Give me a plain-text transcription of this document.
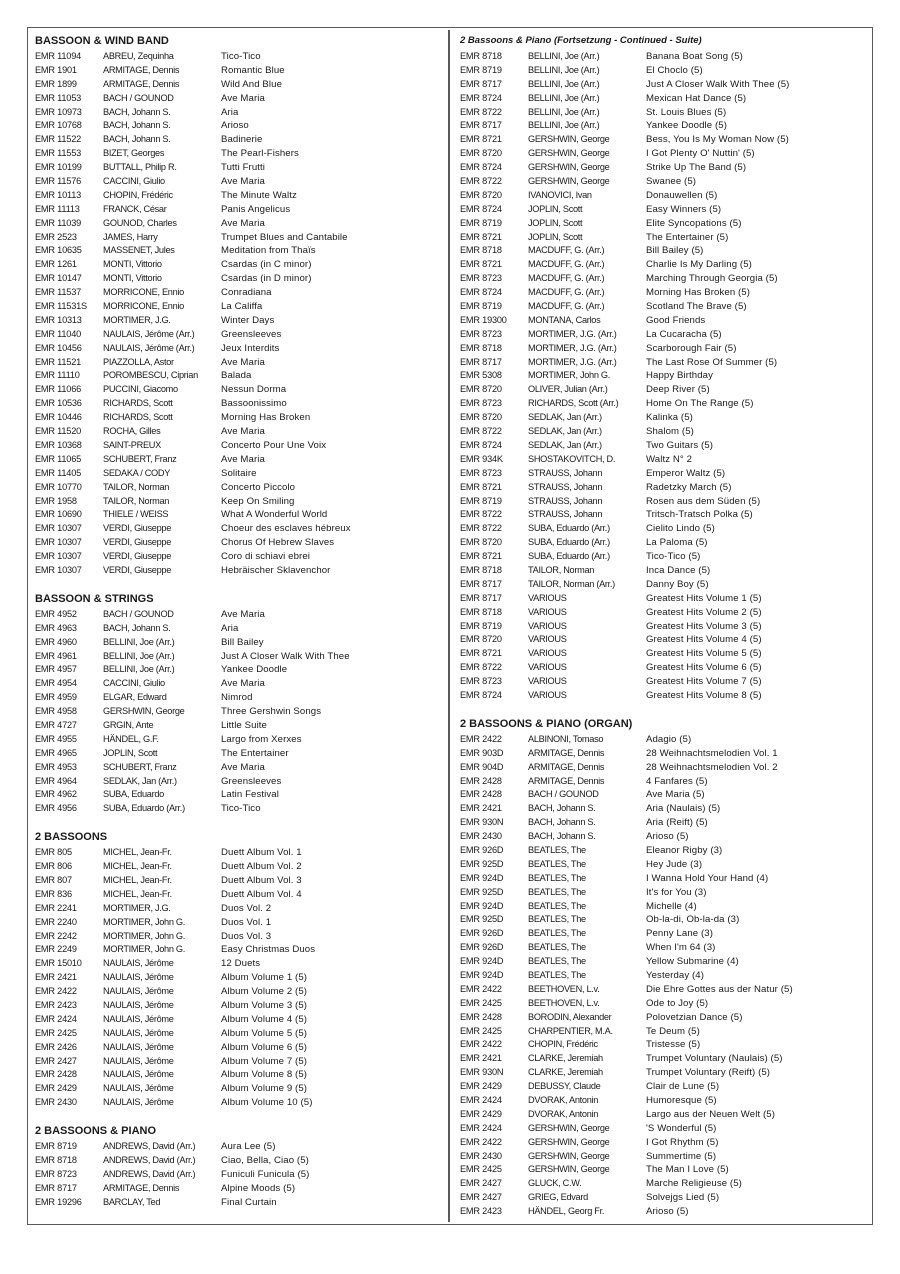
BASSOON & WIND BAND
EMR 11094	ABREU, Zequinha	Tico-Tico
EMR 1901	ARMITAGE, Dennis	Romantic Blue
EMR 1899	ARMITAGE, Dennis	Wild And Blue
EMR 11053	BACH / GOUNOD	Ave Maria
EMR 10973	BACH, Johann S.	Aria
EMR 10768	BACH, Johann S.	Arioso
EMR 11522	BACH, Johann S.	Badinerie
EMR 11553	BIZET, Georges	The Pearl-Fishers
EMR 10199	BUTTALL, Philip R.	Tutti Frutti
EMR 11576	CACCINI, Giulio	Ave Maria
EMR 10113	CHOPIN, Frédéric	The Minute Waltz
EMR 11113	FRANCK, César	Panis Angelicus
EMR 11039	GOUNOD, Charles	Ave Maria
EMR 2523	JAMES, Harry	Trumpet Blues and Cantabile
EMR 10635	MASSENET, Jules	Meditation from Thaïs
EMR 1261	MONTI, Vittorio	Csardas (in C minor)
EMR 10147	MONTI, Vittorio	Csardas (in D minor)
EMR 11537	MORRICONE, Ennio	Conradiana
EMR 11531S	MORRICONE, Ennio	La Califfa
EMR 10313	MORTIMER, J.G.	Winter Days
EMR 11040	NAULAIS, Jérôme (Arr.)	Greensleeves
EMR 10456	NAULAIS, Jérôme (Arr.)	Jeux Interdits
EMR 11521	PIAZZOLLA, Astor	Ave Maria
EMR 11110	POROMBESCU, Ciprian	Balada
EMR 11066	PUCCINI, Giacomo	Nessun Dorma
EMR 10536	RICHARDS, Scott	Bassoonissimo
EMR 10446	RICHARDS, Scott	Morning Has Broken
EMR 11520	ROCHA, Gilles	Ave Maria
EMR 10368	SAINT-PREUX	Concerto Pour Une Voix
EMR 11065	SCHUBERT, Franz	Ave Maria
EMR 11405	SEDAKA / CODY	Solitaire
EMR 10770	TAILOR, Norman	Concerto Piccolo
EMR 1958	TAILOR, Norman	Keep On Smiling
EMR 10690	THIELE / WEISS	What A Wonderful World
EMR 10307	VERDI, Giuseppe	Choeur des esclaves hébreux
EMR 10307	VERDI, Giuseppe	Chorus Of Hebrew Slaves
EMR 10307	VERDI, Giuseppe	Coro di schiavi ebrei
EMR 10307	VERDI, Giuseppe	Hebräischer Sklavenchor
BASSOON & STRINGS
EMR 4952	BACH / GOUNOD	Ave Maria
EMR 4963	BACH, Johann S.	Aria
EMR 4960	BELLINI, Joe (Arr.)	Bill Bailey
EMR 4961	BELLINI, Joe (Arr.)	Just A Closer Walk With Thee
EMR 4957	BELLINI, Joe (Arr.)	Yankee Doodle
EMR 4954	CACCINI, Giulio	Ave Maria
EMR 4959	ELGAR, Edward	Nimrod
EMR 4958	GERSHWIN, George	Three Gershwin Songs
EMR 4727	GRGIN, Ante	Little Suite
EMR 4955	HÄNDEL, G.F.	Largo from Xerxes
EMR 4965	JOPLIN, Scott	The Entertainer
EMR 4953	SCHUBERT, Franz	Ave Maria
EMR 4964	SEDLAK, Jan (Arr.)	Greensleeves
EMR 4962	SUBA, Eduardo	Latin Festival
EMR 4956	SUBA, Eduardo (Arr.)	Tico-Tico
2 BASSOONS
EMR 805	MICHEL, Jean-Fr.	Duett Album Vol. 1
EMR 806	MICHEL, Jean-Fr.	Duett Album Vol. 2
EMR 807	MICHEL, Jean-Fr.	Duett Album Vol. 3
EMR 836	MICHEL, Jean-Fr.	Duett Album Vol. 4
EMR 2241	MORTIMER, J.G.	Duos Vol. 2
EMR 2240	MORTIMER, John G.	Duos Vol. 1
EMR 2242	MORTIMER, John G.	Duos Vol. 3
EMR 2249	MORTIMER, John G.	Easy Christmas Duos
EMR 15010	NAULAIS, Jérôme	12 Duets
EMR 2421	NAULAIS, Jérôme	Album Volume 1 (5)
EMR 2422	NAULAIS, Jérôme	Album Volume 2 (5)
EMR 2423	NAULAIS, Jérôme	Album Volume 3 (5)
EMR 2424	NAULAIS, Jérôme	Album Volume 4 (5)
EMR 2425	NAULAIS, Jérôme	Album Volume 5 (5)
EMR 2426	NAULAIS, Jérôme	Album Volume 6 (5)
EMR 2427	NAULAIS, Jérôme	Album Volume 7 (5)
EMR 2428	NAULAIS, Jérôme	Album Volume 8 (5)
EMR 2429	NAULAIS, Jérôme	Album Volume 9 (5)
EMR 2430	NAULAIS, Jérôme	Album Volume 10 (5)
2 BASSOONS & PIANO
EMR 8719	ANDREWS, David (Arr.)	Aura Lee (5)
EMR 8718	ANDREWS, David (Arr.)	Ciao, Bella, Ciao (5)
EMR 8723	ANDREWS, David (Arr.)	Funiculi Funicula (5)
EMR 8717	ARMITAGE, Dennis	Alpine Moods (5)
EMR 19296	BARCLAY, Ted	Final Curtain
2 Bassoons & Piano (Fortsetzung - Continued - Suite)
EMR 8718	BELLINI, Joe (Arr.)	Banana Boat Song (5)
EMR 8719	BELLINI, Joe (Arr.)	El Choclo (5)
EMR 8717	BELLINI, Joe (Arr.)	Just A Closer Walk With Thee (5)
EMR 8724	BELLINI, Joe (Arr.)	Mexican Hat Dance (5)
EMR 8722	BELLINI, Joe (Arr.)	St. Louis Blues (5)
EMR 8717	BELLINI, Joe (Arr.)	Yankee Doodle (5)
EMR 8721	GERSHWIN, George	Bess, You Is My Woman Now (5)
EMR 8720	GERSHWIN, George	I Got Plenty O' Nuttin' (5)
EMR 8724	GERSHWIN, George	Strike Up The Band (5)
EMR 8722	GERSHWIN, George	Swanee (5)
EMR 8720	IVANOVICI, Ivan	Donauwellen (5)
EMR 8724	JOPLIN, Scott	Easy Winners (5)
EMR 8719	JOPLIN, Scott	Elite Syncopations (5)
EMR 8721	JOPLIN, Scott	The Entertainer (5)
EMR 8718	MACDUFF, G. (Arr.)	Bill Bailey (5)
EMR 8721	MACDUFF, G. (Arr.)	Charlie Is My Darling (5)
EMR 8723	MACDUFF, G. (Arr.)	Marching Through Georgia (5)
EMR 8724	MACDUFF, G. (Arr.)	Morning Has Broken (5)
EMR 8719	MACDUFF, G. (Arr.)	Scotland The Brave (5)
EMR 19300	MONTANA, Carlos	Good Friends
EMR 8723	MORTIMER, J.G. (Arr.)	La Cucaracha (5)
EMR 8718	MORTIMER, J.G. (Arr.)	Scarborough Fair (5)
EMR 8717	MORTIMER, J.G. (Arr.)	The Last Rose Of Summer (5)
EMR 5308	MORTIMER, John G.	Happy Birthday
EMR 8720	OLIVER, Julian (Arr.)	Deep River (5)
EMR 8723	RICHARDS, Scott (Arr.)	Home On The Range (5)
EMR 8720	SEDLAK, Jan (Arr.)	Kalinka (5)
EMR 8722	SEDLAK, Jan (Arr.)	Shalom (5)
EMR 8724	SEDLAK, Jan (Arr.)	Two Guitars (5)
EMR 934K	SHOSTAKOVITCH, D.	Waltz N° 2
EMR 8723	STRAUSS, Johann	Emperor Waltz (5)
EMR 8721	STRAUSS, Johann	Radetzky March (5)
EMR 8719	STRAUSS, Johann	Rosen aus dem Süden (5)
EMR 8722	STRAUSS, Johann	Tritsch-Tratsch Polka (5)
EMR 8722	SUBA, Eduardo (Arr.)	Cielito Lindo (5)
EMR 8720	SUBA, Eduardo (Arr.)	La Paloma (5)
EMR 8721	SUBA, Eduardo (Arr.)	Tico-Tico (5)
EMR 8718	TAILOR, Norman	Inca Dance (5)
EMR 8717	TAILOR, Norman (Arr.)	Danny Boy (5)
EMR 8717	VARIOUS	Greatest Hits Volume 1 (5)
EMR 8718	VARIOUS	Greatest Hits Volume 2 (5)
EMR 8719	VARIOUS	Greatest Hits Volume 3 (5)
EMR 8720	VARIOUS	Greatest Hits Volume 4 (5)
EMR 8721	VARIOUS	Greatest Hits Volume 5 (5)
EMR 8722	VARIOUS	Greatest Hits Volume 6 (5)
EMR 8723	VARIOUS	Greatest Hits Volume 7 (5)
EMR 8724	VARIOUS	Greatest Hits Volume 8 (5)
2 BASSOONS & PIANO (ORGAN)
EMR 2422	ALBINONI, Tomaso	Adagio (5)
EMR 903D	ARMITAGE, Dennis	28 Weihnachtsmelodien Vol. 1
EMR 904D	ARMITAGE, Dennis	28 Weihnachtsmelodien Vol. 2
EMR 2428	ARMITAGE, Dennis	4 Fanfares (5)
EMR 2428	BACH / GOUNOD	Ave Maria (5)
EMR 2421	BACH, Johann S.	Aria (Naulais) (5)
EMR 930N	BACH, Johann S.	Aria (Reift) (5)
EMR 2430	BACH, Johann S.	Arioso (5)
EMR 926D	BEATLES, The	Eleanor Rigby (3)
EMR 925D	BEATLES, The	Hey Jude (3)
EMR 924D	BEATLES, The	I Wanna Hold Your Hand (4)
EMR 925D	BEATLES, The	It's for You (3)
EMR 924D	BEATLES, The	Michelle (4)
EMR 925D	BEATLES, The	Ob-la-di, Ob-la-da (3)
EMR 926D	BEATLES, The	Penny Lane (3)
EMR 926D	BEATLES, The	When I'm 64 (3)
EMR 924D	BEATLES, The	Yellow Submarine (4)
EMR 924D	BEATLES, The	Yesterday (4)
EMR 2422	BEETHOVEN, L.v.	Die Ehre Gottes aus der Natur (5)
EMR 2425	BEETHOVEN, L.v.	Ode to Joy (5)
EMR 2428	BORODIN, Alexander	Polovetzian Dance (5)
EMR 2425	CHARPENTIER, M.A.	Te Deum (5)
EMR 2422	CHOPIN, Frédéric	Tristesse (5)
EMR 2421	CLARKE, Jeremiah	Trumpet Voluntary (Naulais) (5)
EMR 930N	CLARKE, Jeremiah	Trumpet Voluntary (Reift) (5)
EMR 2429	DEBUSSY, Claude	Clair de Lune (5)
EMR 2424	DVORAK, Antonin	Humoresque (5)
EMR 2429	DVORAK, Antonin	Largo aus der Neuen Welt (5)
EMR 2424	GERSHWIN, George	'S Wonderful (5)
EMR 2422	GERSHWIN, George	I Got Rhythm (5)
EMR 2430	GERSHWIN, George	Summertime (5)
EMR 2425	GERSHWIN, George	The Man I Love (5)
EMR 2427	GLUCK, C.W.	Marche Religieuse (5)
EMR 2427	GRIEG, Edvard	Solvejgs Lied (5)
EMR 2423	HÄNDEL, Georg Fr.	Arioso (5)
